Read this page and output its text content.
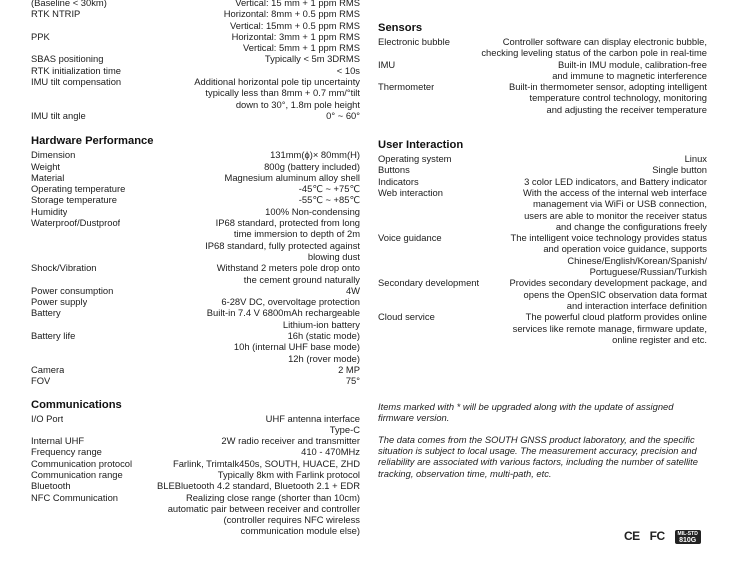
(Baseline < 30km)	Vertical: 15 mm + 1 ppm RMS
RTK NTRIP	Horizontal: 8mm + 0.5 ppm RMS
Vertical: 15mm + 0.5 ppm RMS
PPK	Horizontal: 3mm + 1 ppm RMS
Vertical: 5mm + 1 ppm RMS
SBAS positioning	Typically < 5m 3DRMS
RTK initialization time	< 10s
IMU tilt compensation	Additional horizontal pole tip uncertainty
typically less than 8mm + 0.7 mm/°tilt
down to 30°, 1.8m pole height
IMU tilt angle	0° ~ 60°
Hardware Performance
Dimension	131mm(ϕ)× 80mm(H)
Weight	800g (battery included)
Material	Magnesium aluminum alloy shell
Operating temperature	-45℃ ~ +75℃
Storage temperature	-55℃ ~ +85℃
Humidity	100% Non-condensing
Waterproof/Dustproof	IP68 standard, protected from long
time immersion to depth of 2m
IP68 standard, fully protected against
blowing dust
Shock/Vibration	Withstand 2 meters pole drop onto
the cement ground naturally
Power consumption	4W
Power supply	6-28V DC, overvoltage protection
Battery	Built-in 7.4 V 6800mAh rechargeable
Lithium-ion battery
Battery life	16h (static mode)
10h (internal UHF base mode)
12h (rover mode)
Camera	2 MP
FOV	75°
Communications
I/O Port	UHF antenna interface
Type-C
Internal UHF	2W radio receiver and transmitter
Frequency range	410 - 470MHz
Communication protocol	Farlink, Trimtalk450s, SOUTH, HUACE, ZHD
Communication range	Typically 8km with Farlink protocol
Bluetooth	BLEBluetooth 4.2 standard, Bluetooth 2.1 + EDR
NFC Communication	Realizing close range (shorter than 10cm)
automatic pair between receiver and controller
(controller requires NFC wireless
communication module else)
Sensors
Electronic bubble	Controller software can display electronic bubble,
checking leveling status of the carbon pole in real-time
IMU	Built-in IMU module, calibration-free
and immune to magnetic interference
Thermometer	Built-in thermometer sensor, adopting intelligent
temperature control technology, monitoring
and adjusting the receiver temperature
User Interaction
Operating system	Linux
Buttons	Single button
Indicators	3 color LED indicators, and Battery indicator
Web interaction	With the access of the internal web interface
management via WiFi or USB connection,
users are able to monitor the receiver status
and change the configurations freely
Voice guidance	The intelligent voice technology provides status
and operation voice guidance, supports
Chinese/English/Korean/Spanish/
Portuguese/Russian/Turkish
Secondary development	Provides secondary development package, and
opens the OpenSIC observation data format
and interaction interface definition
Cloud service	The powerful cloud platform provides online
services like remote manage, firmware update,
online register and etc.

Items marked with * will be upgraded along with the update of assigned firmware version.

The data comes from the SOUTH GNSS product laboratory, and the specific situation is subject to local usage. The measurement accuracy, precision and reliability are associated with various factors, including the number of satellite tracking, observation time, multi-path, etc.

CE FC	MIL-STD
810G
